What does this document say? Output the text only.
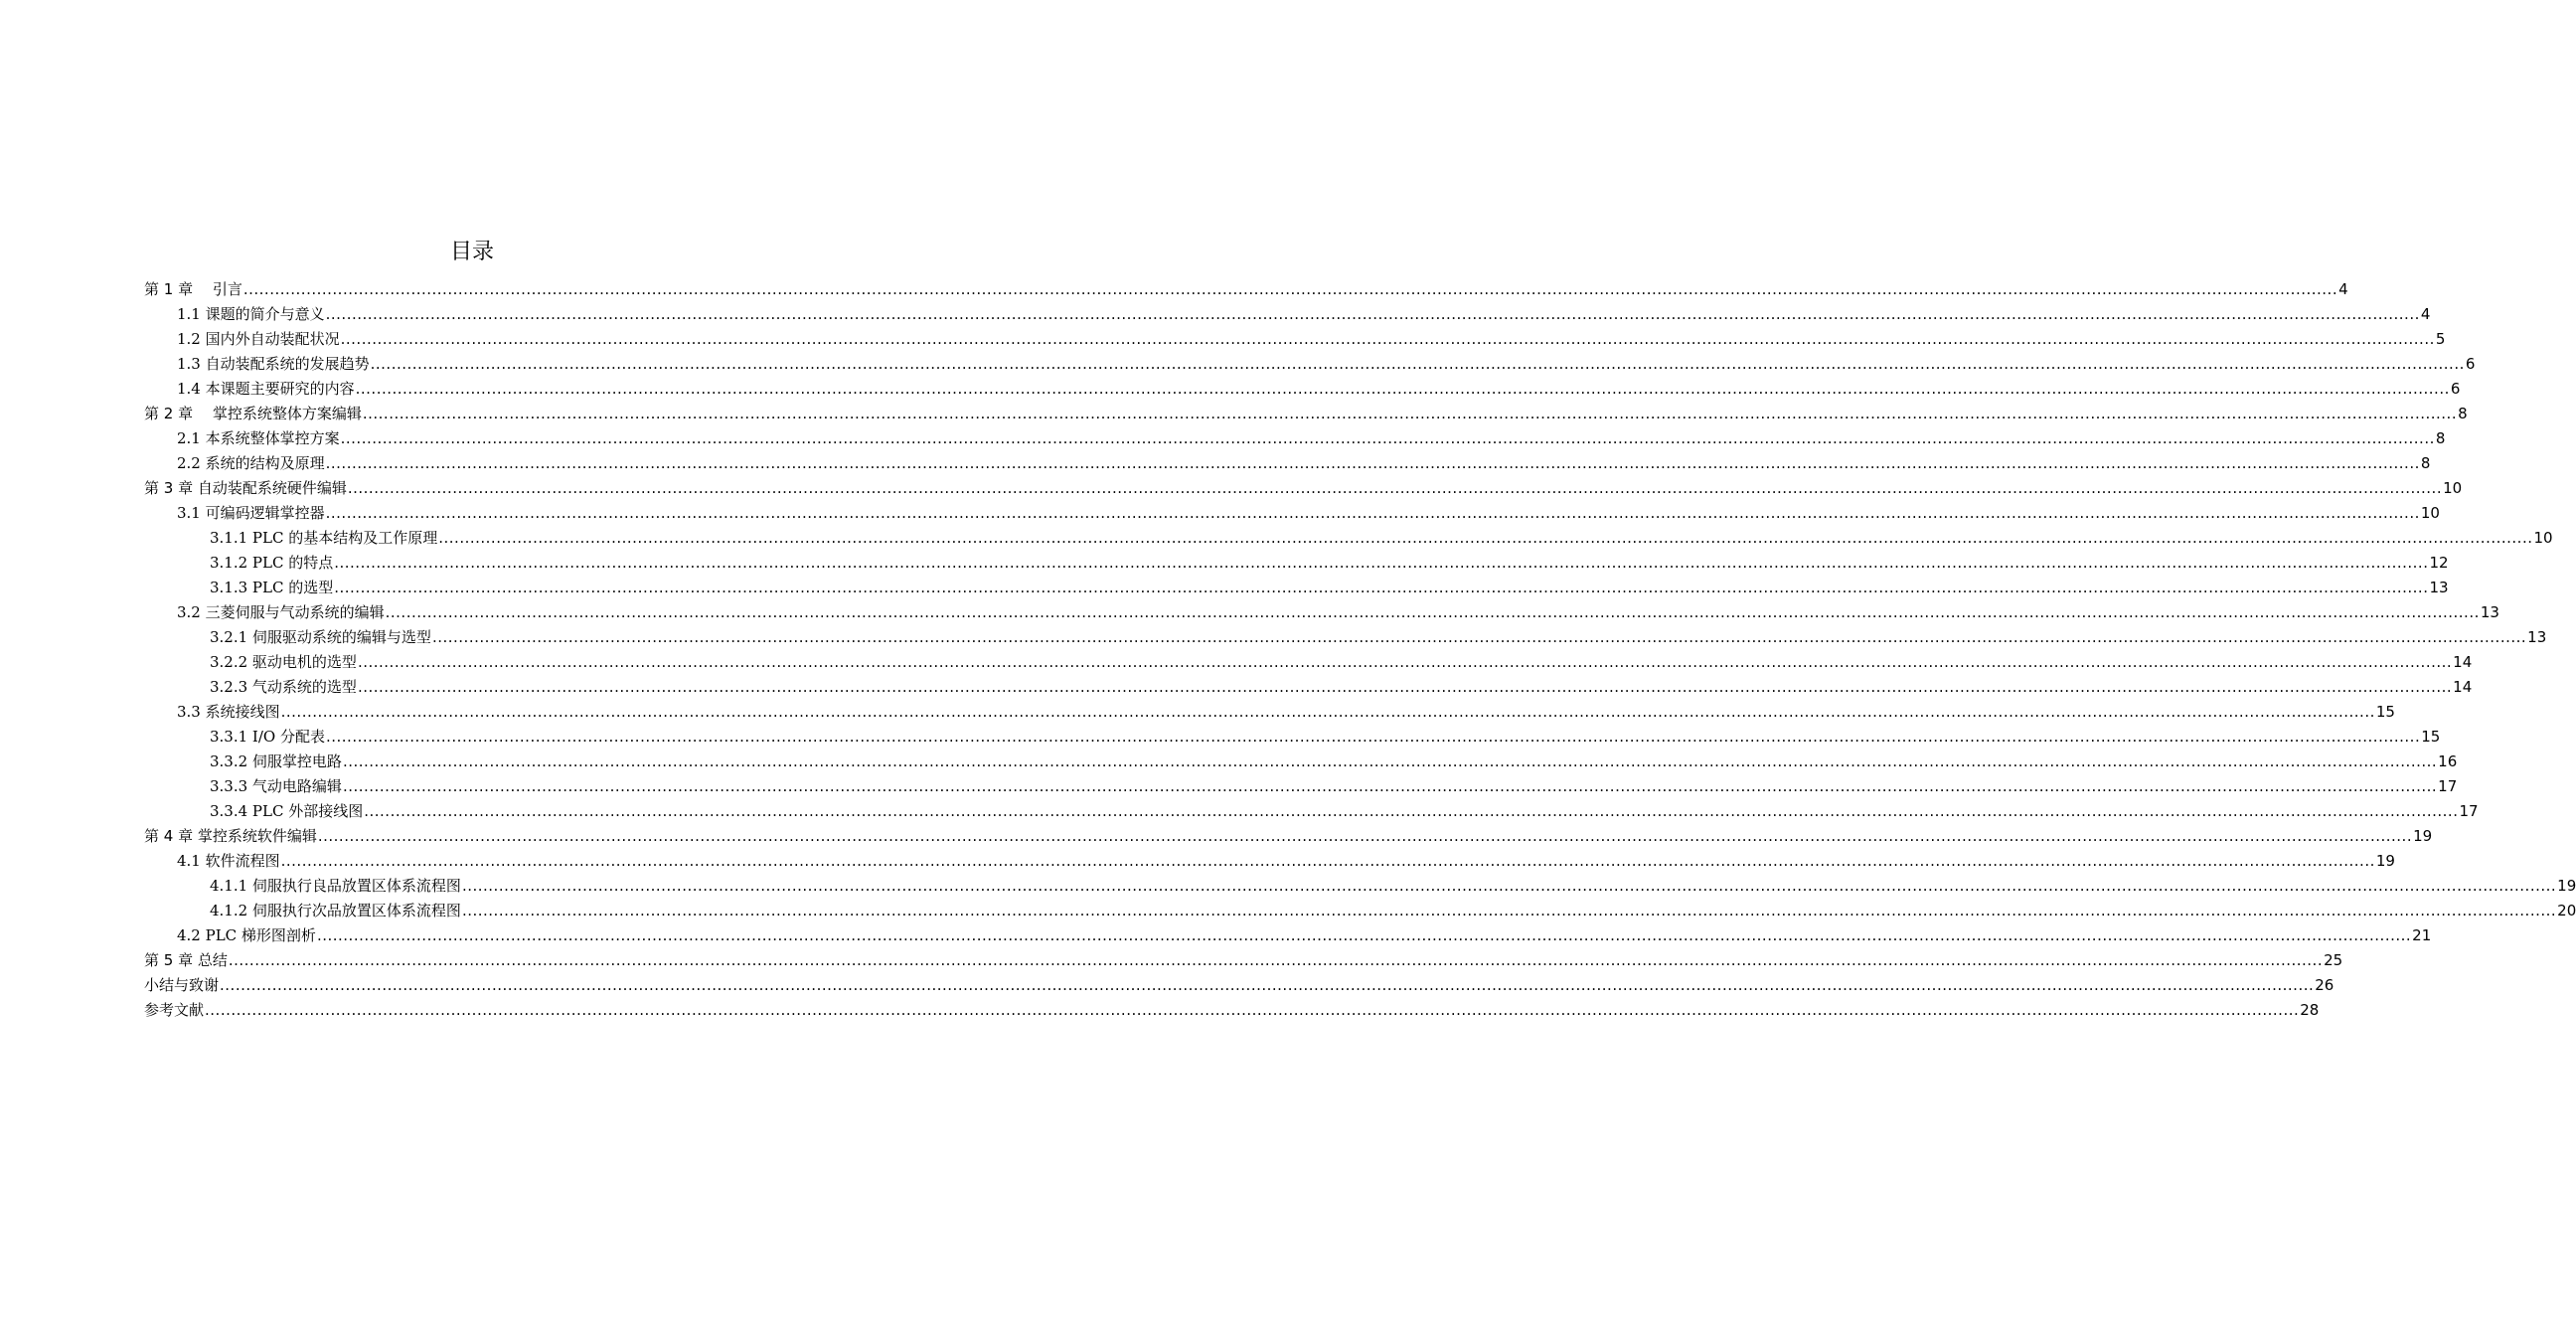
目录
第 1 章　 引言 ................................................................................................................................................................................................................................................................................................................................................................................................................ 4
1.1 课题的简介与意义 ................................................................................................................................................................................................................................................................................................................................................................................................................ 4
1.2 国内外自动装配状况 ................................................................................................................................................................................................................................................................................................................................................................................................................ 5
1.3 自动装配系统的发展趋势 ................................................................................................................................................................................................................................................................................................................................................................................................................ 6
1.4 本课题主要研究的内容 ................................................................................................................................................................................................................................................................................................................................................................................................................ 6
第 2 章　 掌控系统整体方案编辑 ................................................................................................................................................................................................................................................................................................................................................................................................................ 8
2.1 本系统整体掌控方案 ................................................................................................................................................................................................................................................................................................................................................................................................................ 8
2.2 系统的结构及原理 ................................................................................................................................................................................................................................................................................................................................................................................................................ 8
第 3 章 自动装配系统硬件编辑 ................................................................................................................................................................................................................................................................................................................................................................................................................ 10
3.1 可编码逻辑掌控器 ................................................................................................................................................................................................................................................................................................................................................................................................................ 10
3.1.1 PLC 的基本结构及工作原理 ................................................................................................................................................................................................................................................................................................................................................................................................................ 10
3.1.2 PLC 的特点 ................................................................................................................................................................................................................................................................................................................................................................................................................ 12
3.1.3 PLC 的选型 ................................................................................................................................................................................................................................................................................................................................................................................................................ 13
3.2 三菱伺服与气动系统的编辑 ................................................................................................................................................................................................................................................................................................................................................................................................................ 13
3.2.1 伺服驱动系统的编辑与选型 ................................................................................................................................................................................................................................................................................................................................................................................................................ 13
3.2.2 驱动电机的选型 ................................................................................................................................................................................................................................................................................................................................................................................................................ 14
3.2.3 气动系统的选型 ................................................................................................................................................................................................................................................................................................................................................................................................................ 14
3.3 系统接线图 ................................................................................................................................................................................................................................................................................................................................................................................................................ 15
3.3.1 I/O 分配表 ................................................................................................................................................................................................................................................................................................................................................................................................................ 15
3.3.2 伺服掌控电路 ................................................................................................................................................................................................................................................................................................................................................................................................................ 16
3.3.3 气动电路编辑 ................................................................................................................................................................................................................................................................................................................................................................................................................ 17
3.3.4 PLC 外部接线图 ................................................................................................................................................................................................................................................................................................................................................................................................................ 17
第 4 章 掌控系统软件编辑 ................................................................................................................................................................................................................................................................................................................................................................................................................ 19
4.1 软件流程图 ................................................................................................................................................................................................................................................................................................................................................................................................................ 19
4.1.1 伺服执行良品放置区体系流程图 ................................................................................................................................................................................................................................................................................................................................................................................................................ 19
4.1.2 伺服执行次品放置区体系流程图 ................................................................................................................................................................................................................................................................................................................................................................................................................ 20
4.2 PLC 梯形图剖析 ................................................................................................................................................................................................................................................................................................................................................................................................................ 21
第 5 章 总结 ................................................................................................................................................................................................................................................................................................................................................................................................................ 25
小结与致谢 ................................................................................................................................................................................................................................................................................................................................................................................................................ 26
参考文献 ................................................................................................................................................................................................................................................................................................................................................................................................................ 28
